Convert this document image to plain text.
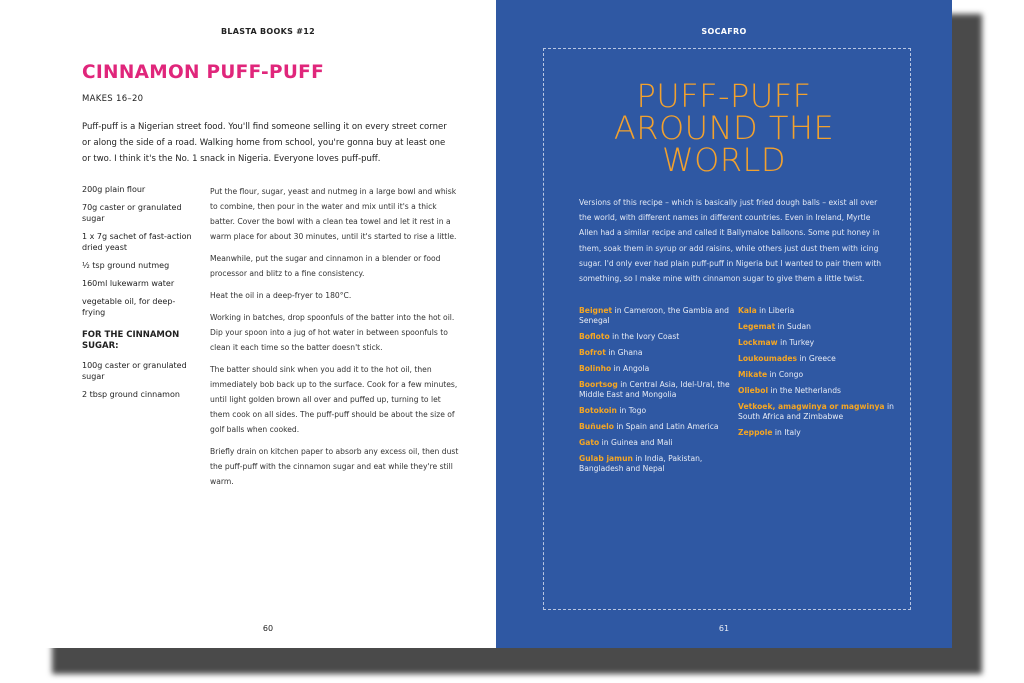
BLASTA BOOKS #12
CINNAMON PUFF-PUFF
MAKES 16–20
Puff-puff is a Nigerian street food. You'll find someone selling it on every street corner or along the side of a road. Walking home from school, you're gonna buy at least one or two. I think it's the No. 1 snack in Nigeria. Everyone loves puff-puff.
200g plain flour
70g caster or granulated sugar
1 x 7g sachet of fast-action dried yeast
½ tsp ground nutmeg
160ml lukewarm water
vegetable oil, for deep-frying
FOR THE CINNAMON SUGAR:
100g caster or granulated sugar
2 tbsp ground cinnamon

Put the flour, sugar, yeast and nutmeg in a large bowl and whisk to combine, then pour in the water and mix until it's a thick batter. Cover the bowl with a clean tea towel and let it rest in a warm place for about 30 minutes, until it's started to rise a little.

Meanwhile, put the sugar and cinnamon in a blender or food processor and blitz to a fine consistency.

Heat the oil in a deep-fryer to 180°C.

Working in batches, drop spoonfuls of the batter into the hot oil. Dip your spoon into a jug of hot water in between spoonfuls to clean it each time so the batter doesn't stick.

The batter should sink when you add it to the hot oil, then immediately bob back up to the surface. Cook for a few minutes, until light golden brown all over and puffed up, turning to let them cook on all sides. The puff-puff should be about the size of golf balls when cooked.

Briefly drain on kitchen paper to absorb any excess oil, then dust the puff-puff with the cinnamon sugar and eat while they're still warm.

60
SOCAFRO
PUFF-PUFF
AROUND THE
WORLD
Versions of this recipe – which is basically just fried dough balls – exist all over the world, with different names in different countries. Even in Ireland, Myrtle Allen had a similar recipe and called it Ballymaloe balloons. Some put honey in them, soak them in syrup or add raisins, while others just dust them with icing sugar. I'd only ever had plain puff-puff in Nigeria but I wanted to pair them with something, so I make mine with cinnamon sugar to give them a little twist.
Beignet in Cameroon, the Gambia and Senegal
Bofloto in the Ivory Coast
Bofrot in Ghana
Bolinho in Angola
Boortsog in Central Asia, Idel-Ural, the Middle East and Mongolia
Botokoin in Togo
Buñuelo in Spain and Latin America
Gato in Guinea and Mali
Gulab jamun in India, Pakistan, Bangladesh and Nepal
Kala in Liberia
Legemat in Sudan
Lockmaw in Turkey
Loukoumades in Greece
Mikate in Congo
Oliebol in the Netherlands
Vetkoek, amagwinya or magwinya in South Africa and Zimbabwe
Zeppole in Italy
61
